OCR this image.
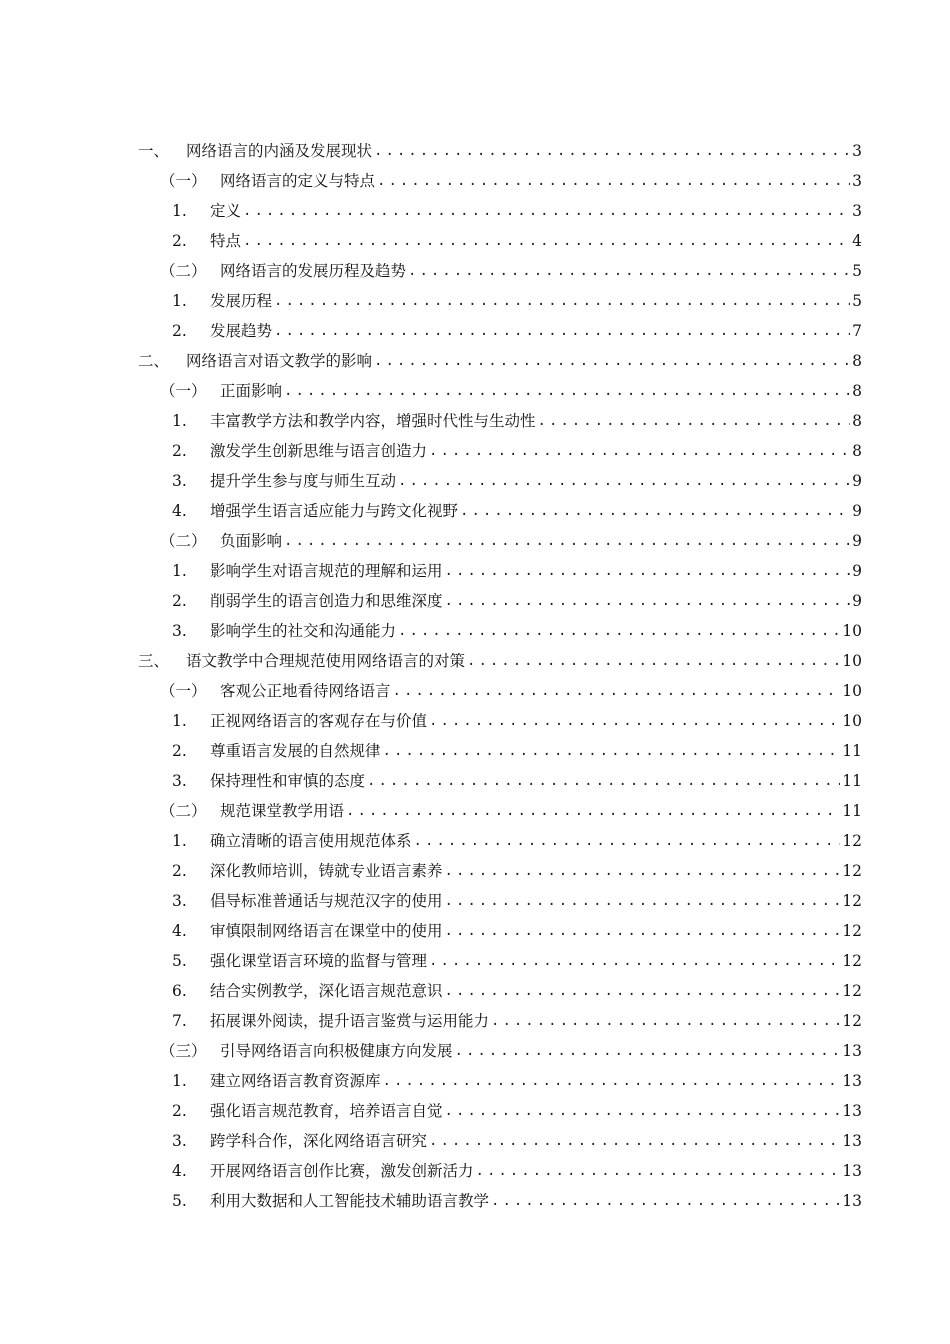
一、	网络语言的内涵及发展现状 .....	3
（一） 网络语言的定义与特点 .....	3
1.	定义 .....	3
2.	特点 .....	4
（二） 网络语言的发展历程及趋势 .....	5
1.	发展历程 .....	5
2.	发展趋势 .....	7
二、	网络语言对语文教学的影响 .....	8
（一） 正面影响 .....	8
1.	丰富教学方法和教学内容，增强时代性与生动性 .....	8
2.	激发学生创新思维与语言创造力 .....	8
3.	提升学生参与度与师生互动 .....	9
4.	增强学生语言适应能力与跨文化视野 .....	9
（二） 负面影响 .....	9
1.	影响学生对语言规范的理解和运用 .....	9
2.	削弱学生的语言创造力和思维深度 .....	9
3.	影响学生的社交和沟通能力 .....	10
三、	语文教学中合理规范使用网络语言的对策 .....	10
（一） 客观公正地看待网络语言 .....	10
1.	正视网络语言的客观存在与价值 .....	10
2.	尊重语言发展的自然规律 .....	11
3.	保持理性和审慎的态度 .....	11
（二） 规范课堂教学用语 .....	11
1.	确立清晰的语言使用规范体系 .....	12
2.	深化教师培训，铸就专业语言素养 .....	12
3.	倡导标准普通话与规范汉字的使用 .....	12
4.	审慎限制网络语言在课堂中的使用 .....	12
5.	强化课堂语言环境的监督与管理 .....	12
6.	结合实例教学，深化语言规范意识 .....	12
7.	拓展课外阅读，提升语言鉴赏与运用能力 .....	12
（三） 引导网络语言向积极健康方向发展 .....	13
1.	建立网络语言教育资源库 .....	13
2.	强化语言规范教育，培养语言自觉 .....	13
3.	跨学科合作，深化网络语言研究 .....	13
4.	开展网络语言创作比赛，激发创新活力 .....	13
5.	利用大数据和人工智能技术辅助语言教学 .....	13
